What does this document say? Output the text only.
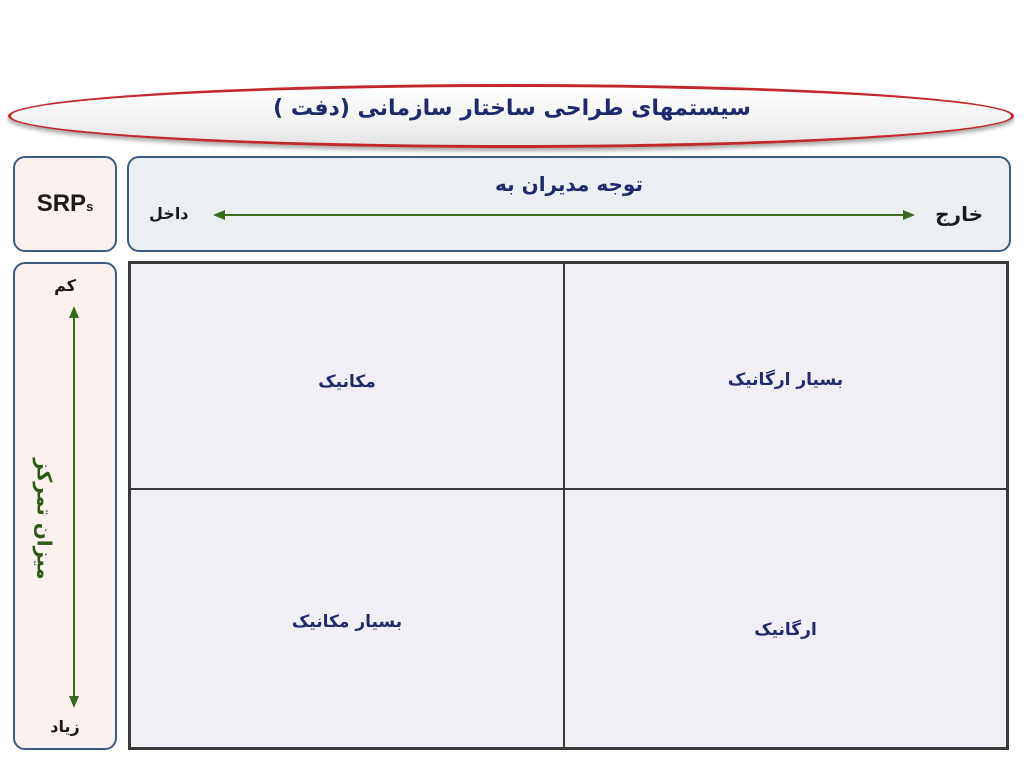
سیستمهای طراحی ساختار سازمانی (دفت )
SRPs
توجه مدیران به
داخل	خارج
کم
میزان تمرکز
زیاد
مکانیک	بسیار ارگانیک
بسیار مکانیک	ارگانیک
